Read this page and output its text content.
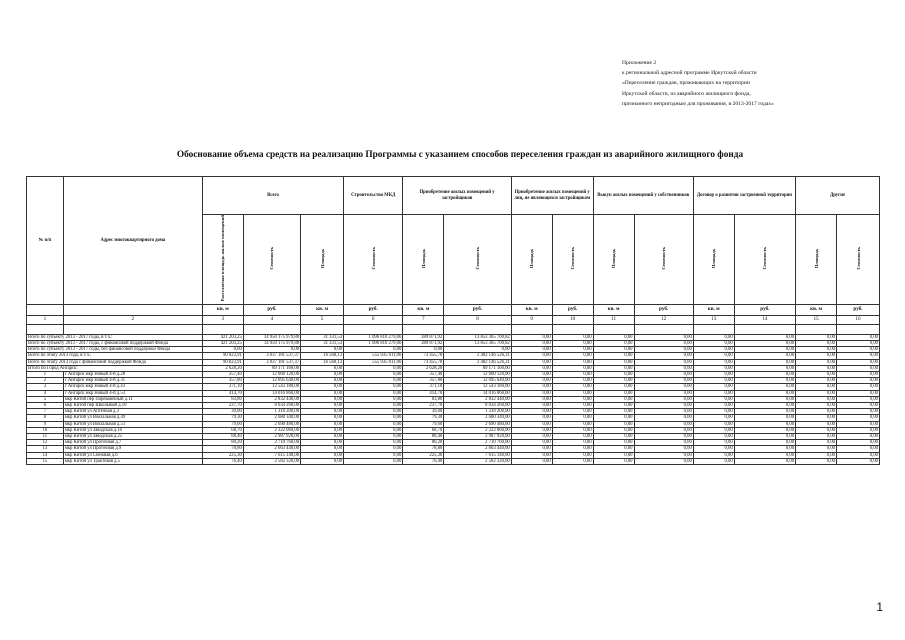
Приложение 2
к региональной адресной программе Иркутской области
«Переселение граждан, проживающих на территории
Иркутской области, из аварийного жилищного фонда,
признанного непригодным для проживания, в 2013-2017 годах»
Обоснование объема средств на реализацию Программы с указанием способов переселения граждан из аварийного жилищного фонда
№ п/п	Адрес многоквартирного дома	Всего			Строительство МКД	Приобретение жилых помещений у застройщиков		Приобретение жилых помещений у лиц, не являющихся застройщиком		Выкуп жилых помещений у собственников		Договор о развитии застроенной территории		Другие	
		Расселяемая площадь жилых помещений	Стоимость	Площадь	Стоимость	Площадь	Стоимость	Площадь	Стоимость	Площадь	Стоимость	Площадь	Стоимость	Площадь	Стоимость
		кв. м	руб.	кв. м	руб.	кв. м	руб.	кв. м	руб.	кв. м	руб.	кв. м	руб.	кв. м	руб.
1	2	3	4	5	6	7	8	9	10	11	12	13	14	15	16

Всего по субъекту 2013 - 2017 годы, в т.ч.:		421 203,25	14 950 175 979,88	31 331,53	1 096 810 279,06	389 871,92	13 853 365 700,82	0,00	0,00	0,00	0,00	0,00	0,00	0,00	0,00
Всего по субъекту 2013 - 2017 годы, с финансовой поддержкой Фонда		421 203,25	14 950 175 979,88	31 331,53	1 096 810 279,06	389 871,92	13 853 365 700,82	0,00	0,00	0,00	0,00	0,00	0,00	0,00	0,00
Всего по субъекту 2013 - 2017 годы, без финансовой поддержки Фонда		0,00	0,00	0,00	0,00	0,00	0,00	0,00	0,00	0,00	0,00	0,00	0,00	0,00	0,00
Всего по этапу 2013 года, в т.ч.:		90 023,91	3 037 181 537,37	16 568,13	555 035 011,06	73 455,78	2 482 146 526,31	0,00	0,00	0,00	0,00	0,00	0,00	0,00	0,00
Всего по этапу 2013 года с финансовой поддержкой Фонда		90 023,91	3 037 181 537,37	16 568,13	555 035 011,06	73 455,78	2 482 146 526,31	0,00	0,00	0,00	0,00	0,00	0,00	0,00	0,00
Итого по Город Ангарск:		2 628,20	89 171 160,00	0,00	0,00	2 628,20	89 171 160,00	0,00	0,00	0,00	0,00	0,00	0,00	0,00	0,00
1	г Ангарск мкр Новый 4-й д.28	357,40	12 060 120,00	0,00	0,00	357,40	12 060 120,00	0,00	0,00	0,00	0,00	0,00	0,00	0,00	0,00
2	г Ангарск мкр Новый 4-й д.31	357,80	12 095 640,00	0,00	0,00	357,80	12 095 640,00	0,00	0,00	0,00	0,00	0,00	0,00	0,00	0,00
3	г Ангарск мкр Новый 4-й д.43	371,10	12 543 180,00	0,00	0,00	371,10	12 543 180,00	0,00	0,00	0,00	0,00	0,00	0,00	0,00	0,00
4	г Ангарск мкр Новый 4-й д.53	414,70	14 016 860,00	0,00	0,00	414,70	14 016 860,00	0,00	0,00	0,00	0,00	0,00	0,00	0,00	0,00
5	мкр Китой пер Пореваючный д.11	83,80	2 832 440,00	0,00	0,00	83,80	2 832 440,00	0,00	0,00	0,00	0,00	0,00	0,00	0,00	0,00
6	мкр Китой пер Школьный д.10	237,70	8 034 260,00	0,00	0,00	237,70	8 034 260,00	0,00	0,00	0,00	0,00	0,00	0,00	0,00	0,00
7	мкр Китой ул Аптечная д.3	39,00	1 318 200,00	0,00	0,00	39,00	1 318 200,00	0,00	0,00	0,00	0,00	0,00	0,00	0,00	0,00
8	мкр Китой ул Вокзальная д.49	79,30	2 680 340,00	0,00	0,00	79,30	2 680 340,00	0,00	0,00	0,00	0,00	0,00	0,00	0,00	0,00
9	мкр Китой ул Вокзальная д.51	79,60	2 690 480,00	0,00	0,00	79,60	2 690 480,00	0,00	0,00	0,00	0,00	0,00	0,00	0,00	0,00
10	мкр Китой ул Заводская д.16	68,70	2 322 060,00	0,00	0,00	68,70	2 322 060,00	0,00	0,00	0,00	0,00	0,00	0,00	0,00	0,00
11	мкр Китой ул Заводская д.25	88,40	2 987 920,00	0,00	0,00	88,40	2 987 920,00	0,00	0,00	0,00	0,00	0,00	0,00	0,00	0,00
12	мкр Китой ул Проточная д.7	80,20	2 710 760,00	0,00	0,00	80,20	2 710 760,00	0,00	0,00	0,00	0,00	0,00	0,00	0,00	0,00
13	мкр Китой ул Проточная д.9	78,80	2 663 440,00	0,00	0,00	78,80	2 663 440,00	0,00	0,00	0,00	0,00	0,00	0,00	0,00	0,00
14	мкр Китой ул Снежная д.6	225,30	7 615 140,00	0,00	0,00	225,30	7 615 140,00	0,00	0,00	0,00	0,00	0,00	0,00	0,00	0,00
15	мкр Китой ул Трактовая д.5	76,40	2 582 320,00	0,00	0,00	76,40	2 582 320,00	0,00	0,00	0,00	0,00	0,00	0,00	0,00	0,00
1
